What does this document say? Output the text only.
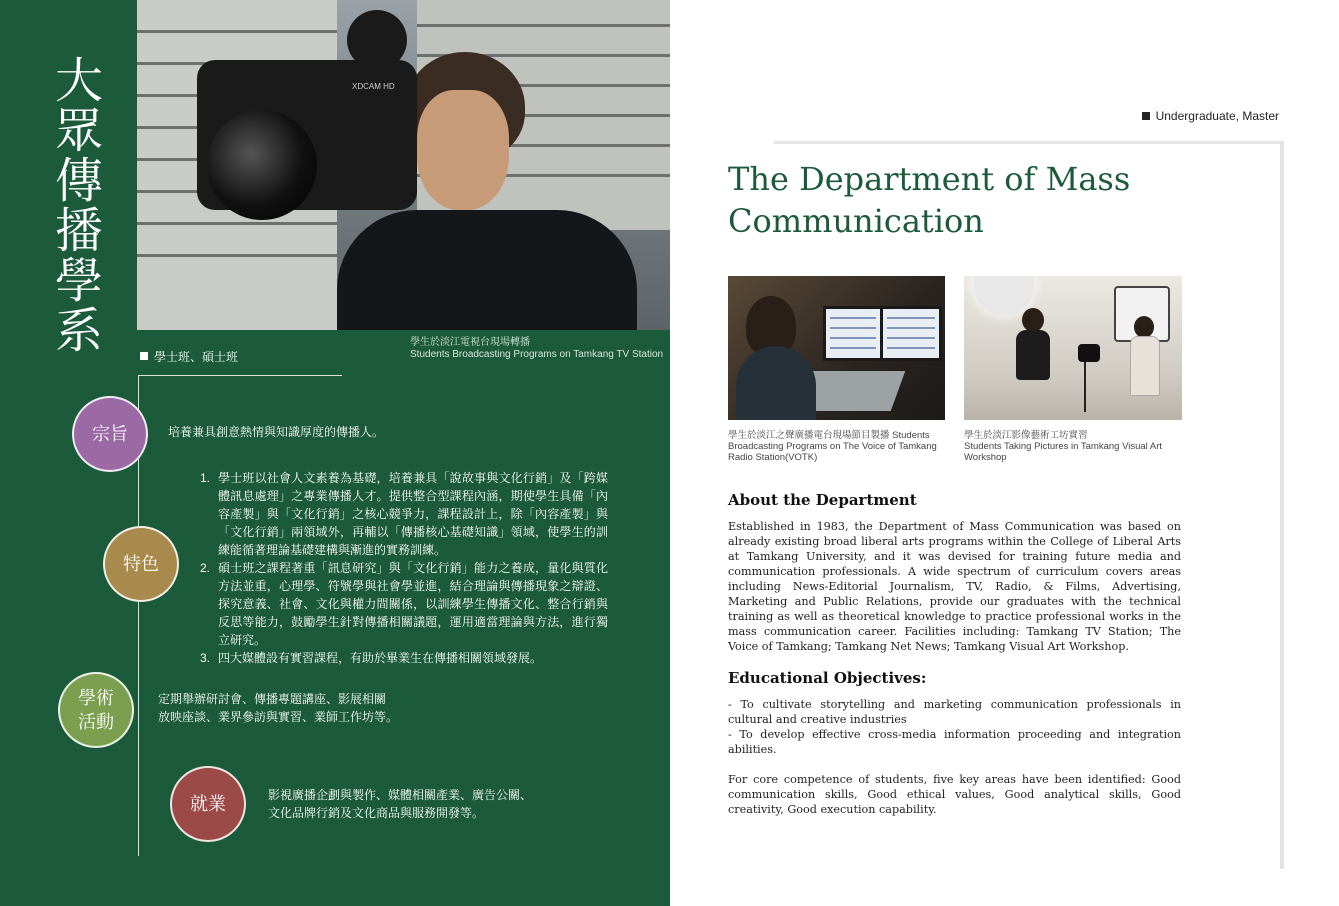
XDCAM HD
大
眾
傳
播
學
系	學士班、碩士班
學生於淡江電視台現場轉播
Students Broadcasting Programs on Tamkang TV Station
宗旨	培養兼具創意熱情與知識厚度的傳播人。
特色
1. 學士班以社會人文素養為基礎，培養兼具「說故事與文化行銷」及「跨媒體訊息處理」之專業傳播人才。提供整合型課程內涵，期使學生具備「內容產製」與「文化行銷」之核心競爭力，課程設計上，除「內容產製」與「文化行銷」兩領域外，再輔以「傳播核心基礎知識」領域，使學生的訓練能循著理論基礎建構與漸進的實務訓練。
2. 碩士班之課程著重「訊息研究」與「文化行銷」能力之養成，量化與質化方法並重，心理學、符號學與社會學並進，結合理論與傳播現象之辯證、探究意義、社會、文化與權力間關係，以訓練學生傳播文化、整合行銷與反思等能力，鼓勵學生針對傳播相關議題，運用適當理論與方法，進行獨立研究。
3. 四大媒體設有實習課程，有助於畢業生在傳播相關領域發展。
學術
活動
定期舉辦研討會、傳播專題講座、影展相關
放映座談、業界參訪與實習、業師工作坊等。
就業	影視廣播企劃與製作、媒體相關產業、廣告公關、
文化品牌行銷及文化商品與服務開發等。
Undergraduate, Master
The Department of Mass
Communication
學生於淡江之聲廣播電台現場節目製播 Students Broadcasting Programs on The Voice of Tamkang Radio Station(VOTK)
學生於淡江影像藝術工坊實習
Students Taking Pictures in Tamkang Visual Art Workshop
About the Department
Established in 1983, the Department of Mass Communication was based on already existing broad liberal arts programs within the College of Liberal Arts at Tamkang University, and it was devised for training future media and communication professionals. A wide spectrum of curriculum covers areas including News-Editorial Journalism, TV, Radio, & Films, Advertising, Marketing and Public Relations, provide our graduates with the technical training as well as theoretical knowledge to practice professional works in the mass communication career. Facilities including: Tamkang TV Station; The Voice of Tamkang; Tamkang Net News; Tamkang Visual Art Workshop.
Educational Objectives:
- To cultivate storytelling and marketing communication professionals in cultural and creative industries
- To develop effective cross-media information proceeding and integration abilities.
For core competence of students, five key areas have been identified: Good communication skills, Good ethical values, Good analytical skills, Good creativity, Good execution capability.
